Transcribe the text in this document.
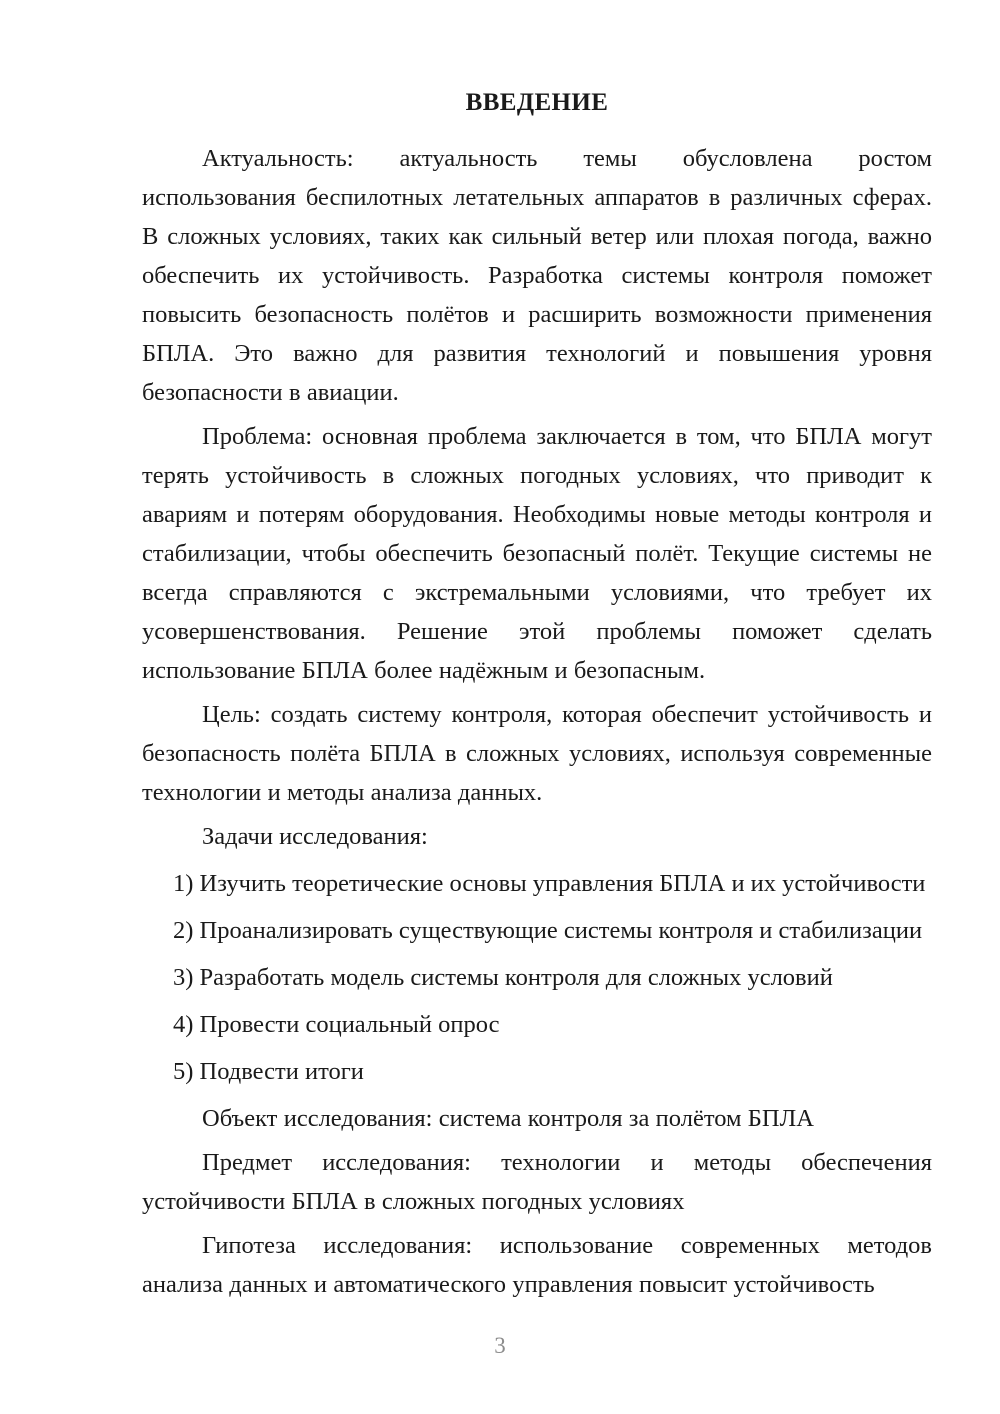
ВВЕДЕНИЕ

Актуальность: актуальность темы обусловлена ростом использования беспилотных летательных аппаратов в различных сферах. В сложных условиях, таких как сильный ветер или плохая погода, важно обеспечить их устойчивость. Разработка системы контроля поможет повысить безопасность полётов и расширить возможности применения БПЛА. Это важно для развития технологий и повышения уровня безопасности в авиации.

Проблема: основная проблема заключается в том, что БПЛА могут терять устойчивость в сложных погодных условиях, что приводит к авариям и потерям оборудования. Необходимы новые методы контроля и стабилизации, чтобы обеспечить безопасный полёт. Текущие системы не всегда справляются с экстремальными условиями, что требует их усовершенствования. Решение этой проблемы поможет сделать использование БПЛА более надёжным и безопасным.

Цель: создать систему контроля, которая обеспечит устойчивость и безопасность полёта БПЛА в сложных условиях, используя современные технологии и методы анализа данных.

Задачи исследования:

1) Изучить теоретические основы управления БПЛА и их устойчивости

2) Проанализировать существующие системы контроля и стабилизации

3) Разработать модель системы контроля для сложных условий

4) Провести социальный опрос

5) Подвести итоги

Объект исследования: система контроля за полётом БПЛА

Предмет исследования: технологии и методы обеспечения устойчивости БПЛА в сложных погодных условиях

Гипотеза исследования: использование современных методов анализа данных и автоматического управления повысит устойчивость

3
